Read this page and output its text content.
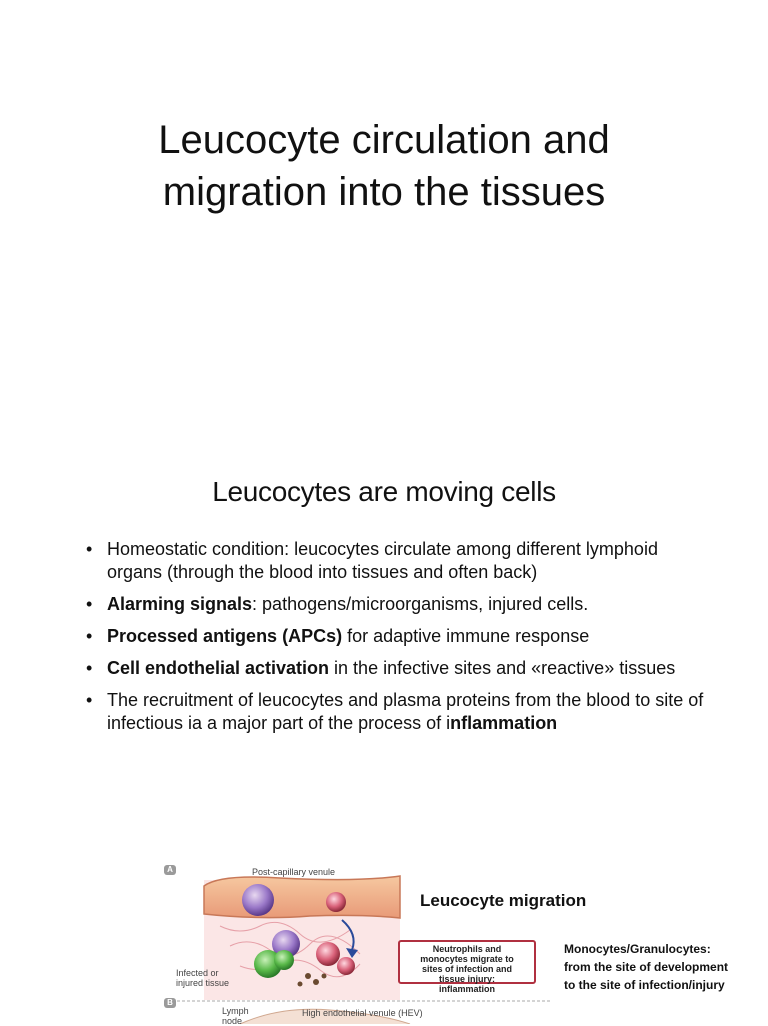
Leucocyte circulation and
migration into the tissues
Leucocytes are moving cells
• Homeostatic condition: leucocytes circulate among different lymphoid organs (through the blood into tissues and often back)
• Alarming signals: pathogens/microorganisms, injured cells.
• Processed antigens (APCs) for adaptive immune response
• Cell endothelial activation in the infective sites and «reactive» tissues
• The recruitment of leucocytes and plasma proteins from the blood to site of infectious ia a major part of the process of inflammation
A
B
Post-capillary venule
Infected or
injured tissue
Neutrophils and
monocytes migrate to
sites of infection and
tissue injury:
inflammation
Lymph
node
High endothelial venule (HEV)
Leucocyte migration
Monocytes/Granulocytes:
from the site of development
to the site of infection/injury
